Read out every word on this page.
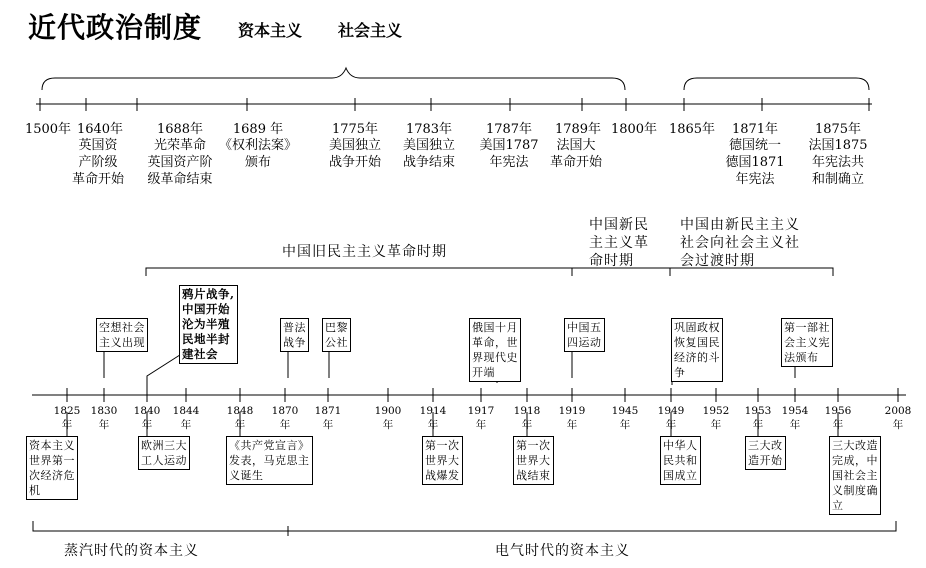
近代政治制度 资本主义 社会主义
1500年 1640年
英国资
产阶级
革命开始
1688年
光荣革命
英国资产阶
级革命结束
1689 年
《权利法案》
颁布
1775年
美国独立
战争开始
1783年
美国独立
战争结束
1787年
美国1787
年宪法
1789年
法国大
革命开始
1800年 1865年 1871年
德国统一
德国1871
年宪法
1875年
法国1875
年宪法共
和制确立
中国旧民主主义革命时期
中国新民
主主义革
命时期
中国由新民主主义
社会向社会主义社
会过渡时期
空想社会
主义出现
鸦片战争,
中国开始
沦为半殖
民地半封
建社会
普法
战争
巴黎
公社
俄国十月
革命，世
界现代史
开端
中国五
四运动
巩固政权
恢复国民
经济的斗
争
第一部社
会主义宪
法颁布
1825
年
1830
年
1840
年
1844
年
1848
年
1870
年
1871
年
1900
年
1914
年
1917
年
1918
年
1919
年
1945
年
1949
年
1952
年
1953
年
1954
年
1956
年
2008
年
资本主义
世界第一
次经济危
机
欧洲三大
工人运动
《共产党宣言》
发表，马克思主
义诞生
第一次
世界大
战爆发
第一次
世界大
战结束
中华人
民共和
国成立
三大改
造开始
三大改造
完成，中
国社会主
义制度确
立
蒸汽时代的资本主义	电气时代的资本主义
